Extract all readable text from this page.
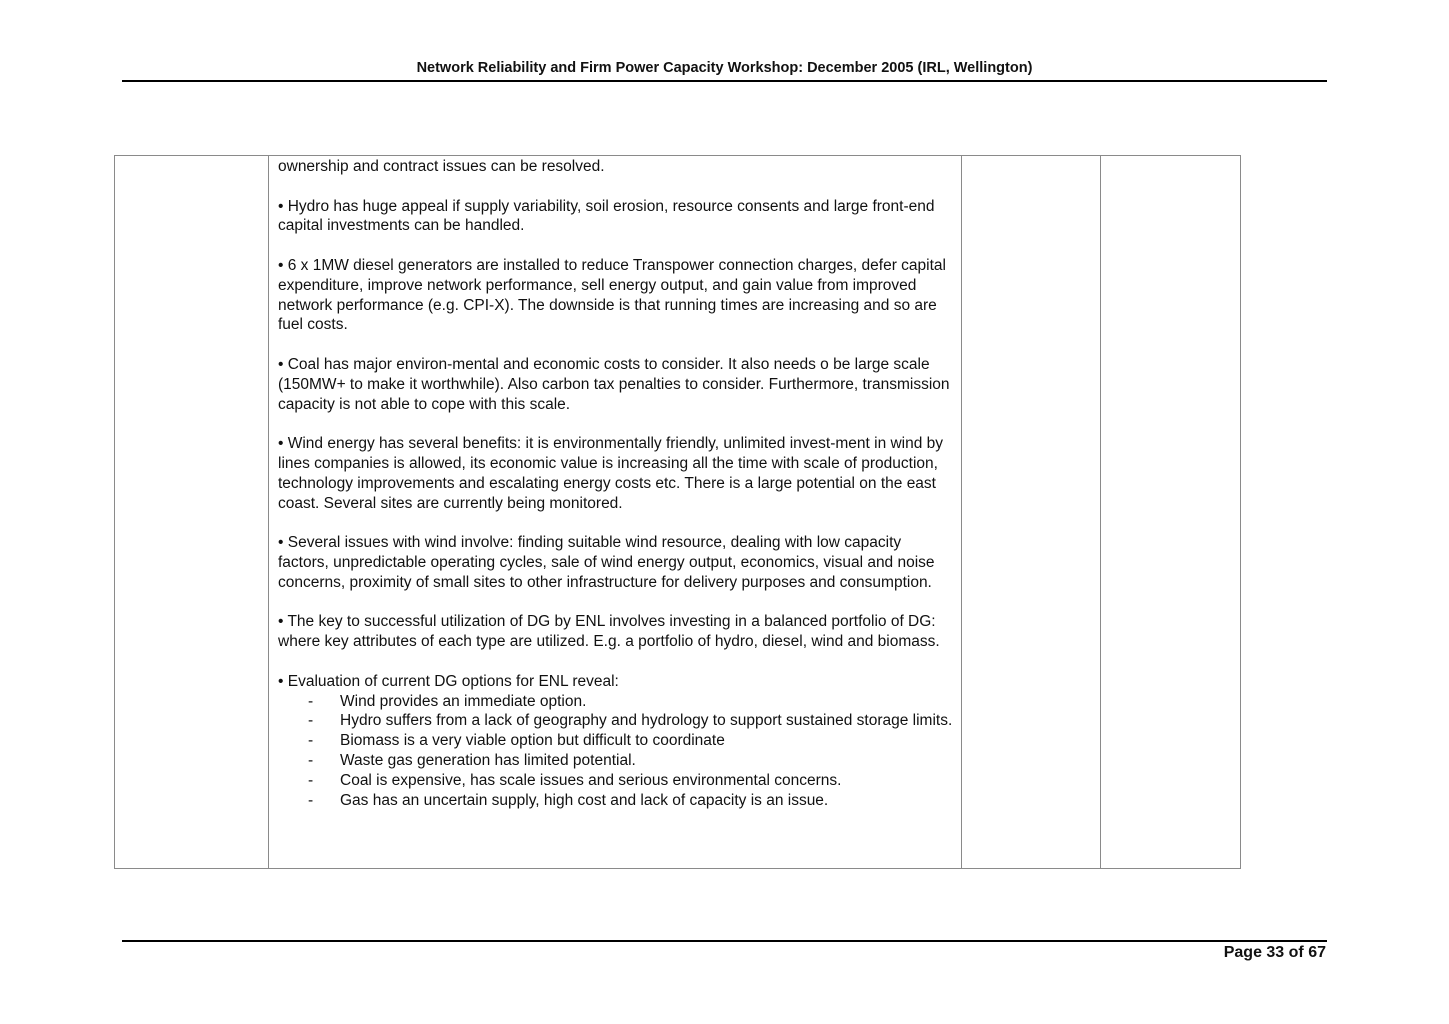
Network Reliability and Firm Power Capacity Workshop: December 2005 (IRL, Wellington)

ownership and contract issues can be resolved.

• Hydro has huge appeal if supply variability, soil erosion, resource consents and large front-end capital investments can be handled.

• 6 x 1MW diesel generators are installed to reduce Transpower connection charges, defer capital expenditure, improve network performance, sell energy output, and gain value from improved network performance (e.g. CPI-X). The downside is that running times are increasing and so are fuel costs.

• Coal has major environ-mental and economic costs to consider. It also needs o be large scale (150MW+ to make it worthwhile). Also carbon tax penalties to consider. Furthermore, transmission capacity is not able to cope with this scale.

• Wind energy has several benefits: it is environmentally friendly, unlimited invest-ment in wind by lines companies is allowed, its economic value is increasing all the time with scale of production, technology improvements and escalating energy costs etc. There is a large potential on the east coast. Several sites are currently being monitored.

• Several issues with wind involve: finding suitable wind resource, dealing with low capacity factors, unpredictable operating cycles, sale of wind energy output, economics, visual and noise concerns, proximity of small sites to other infrastructure for delivery purposes and consumption.

• The key to successful utilization of DG by ENL involves investing in a balanced portfolio of DG: where key attributes of each type are utilized. E.g. a portfolio of hydro, diesel, wind and biomass.

• Evaluation of current DG options for ENL reveal:

- Wind provides an immediate option.
- Hydro suffers from a lack of geography and hydrology to support sustained storage limits.
- Biomass is a very viable option but difficult to coordinate
- Waste gas generation has limited potential.
- Coal is expensive, has scale issues and serious environmental concerns.
- Gas has an uncertain supply, high cost and lack of capacity is an issue.

Page 33 of 67
